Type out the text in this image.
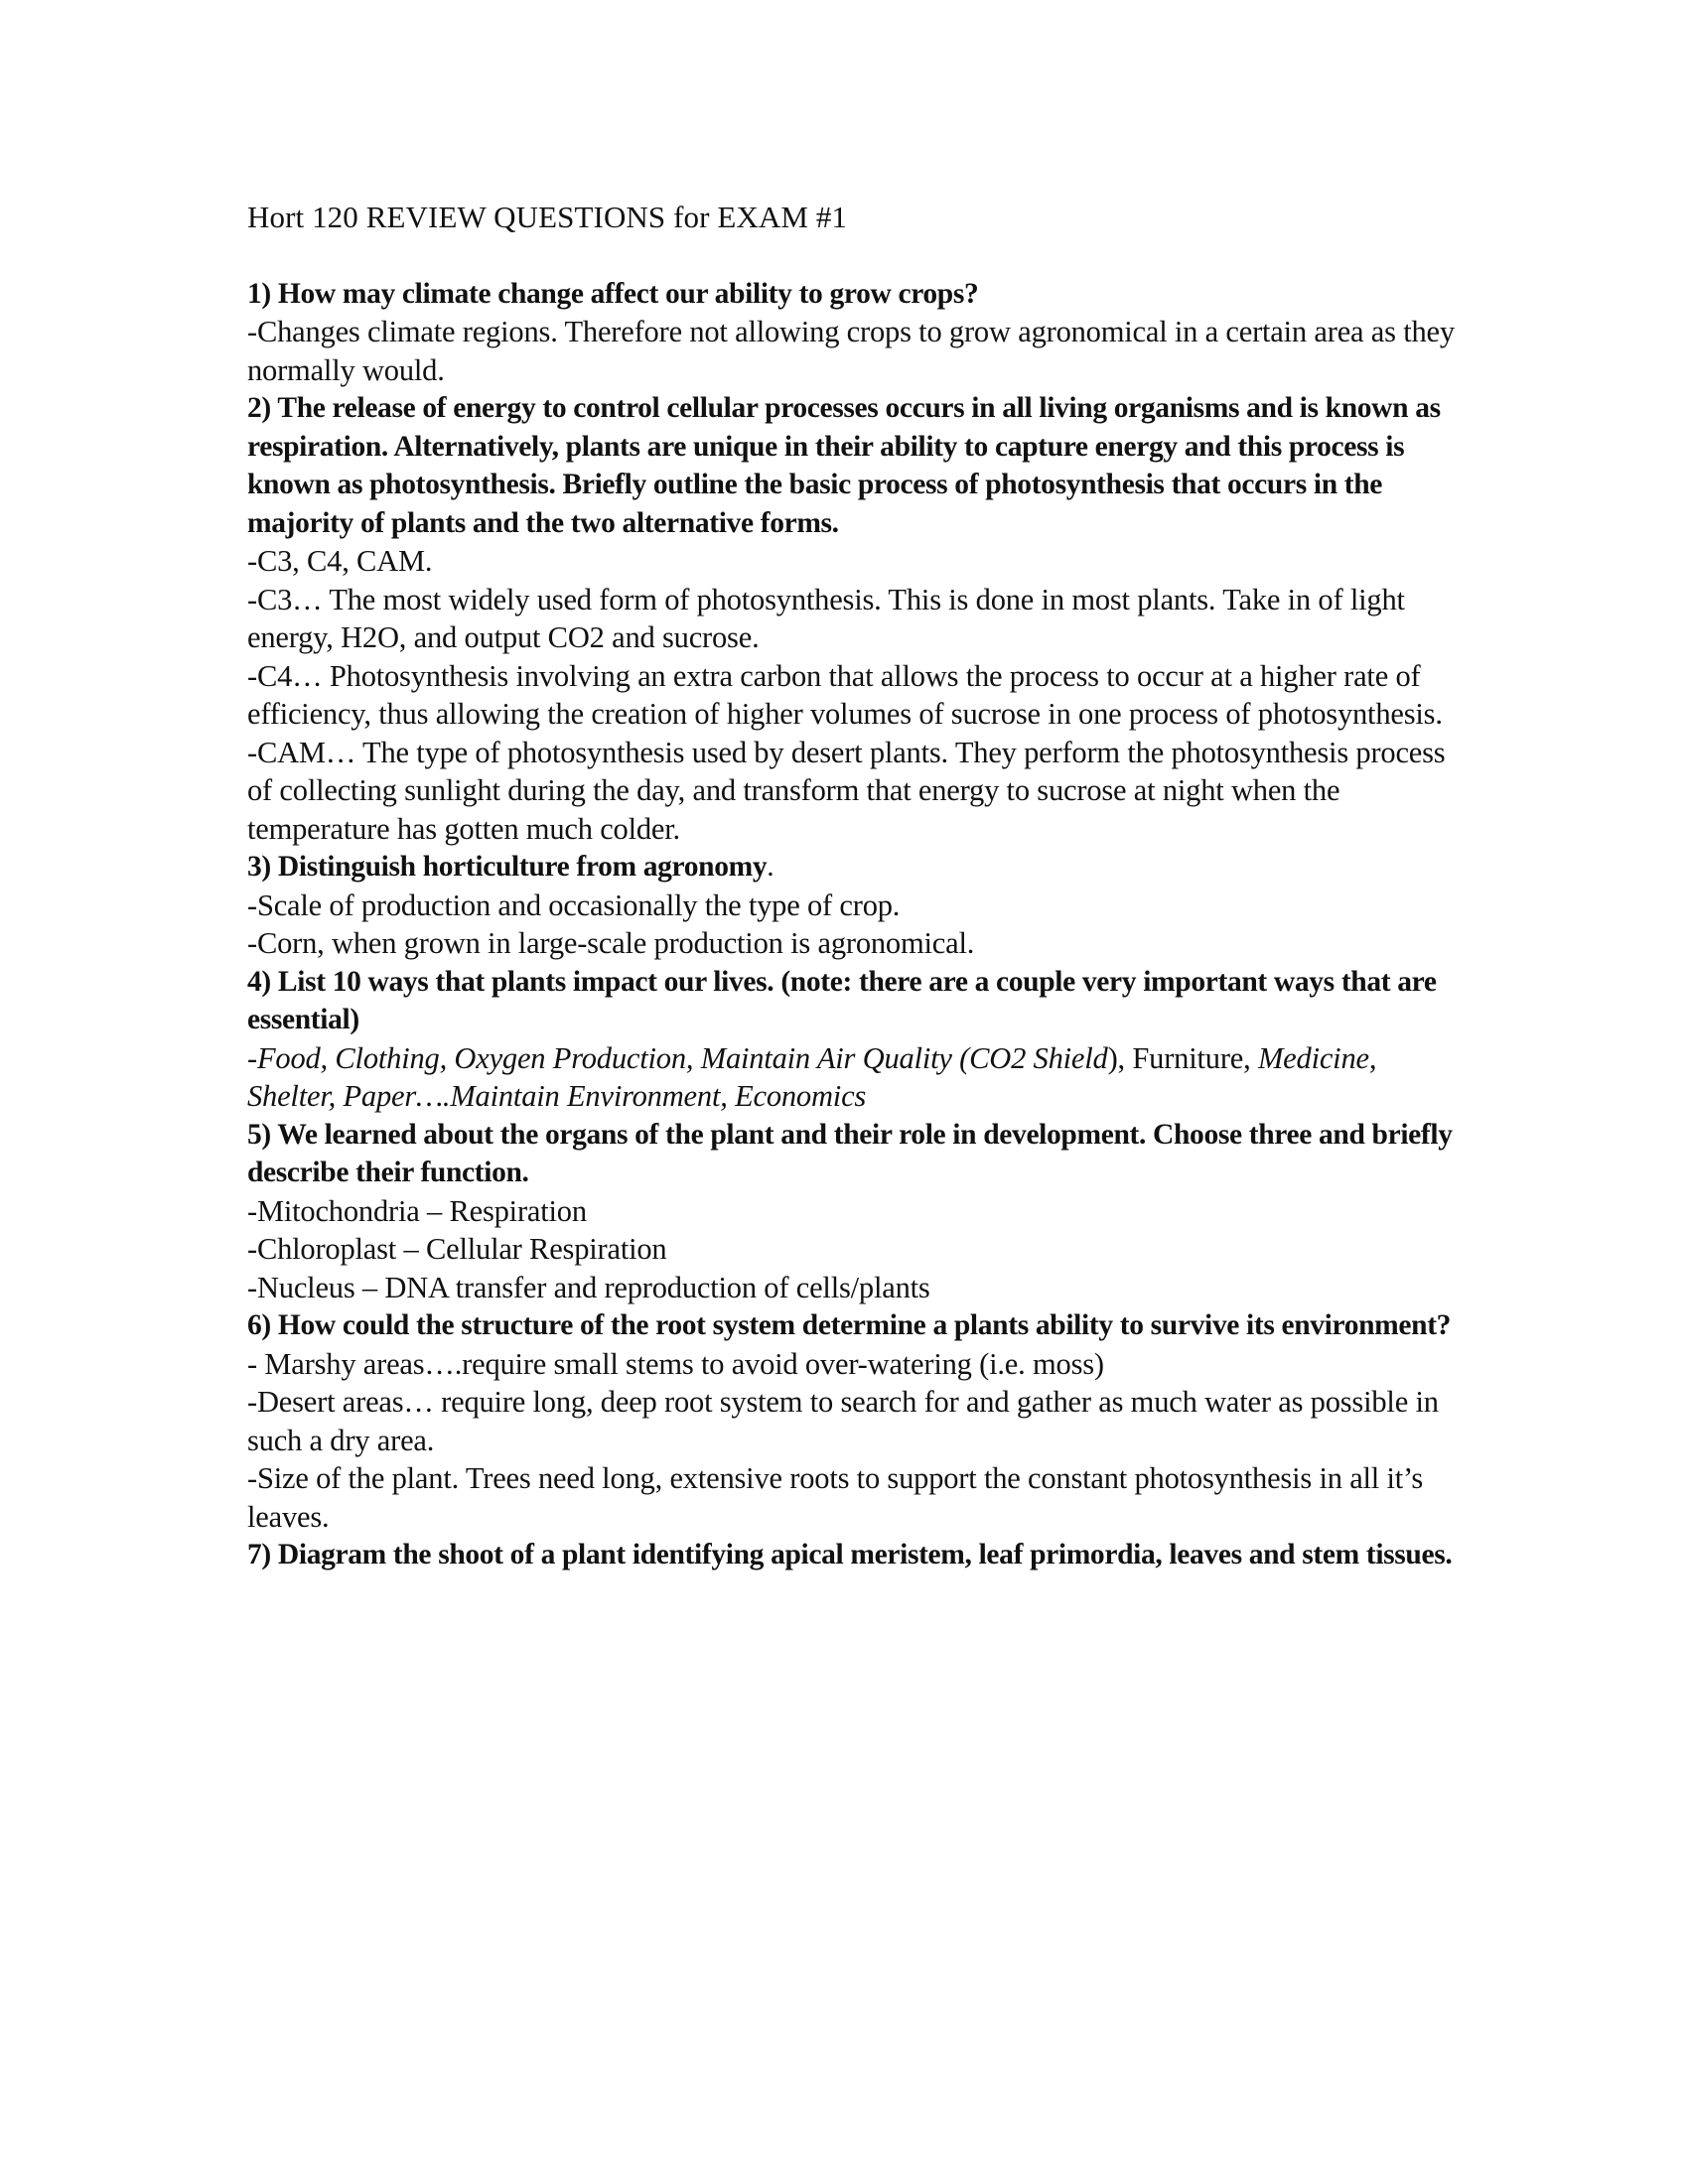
Hort 120 REVIEW QUESTIONS for EXAM #1

1) How may climate change affect our ability to grow crops?

-Changes climate regions. Therefore not allowing crops to grow agronomical in a certain area as they normally would.

2) The release of energy to control cellular processes occurs in all living organisms and is known as respiration. Alternatively, plants are unique in their ability to capture energy and this process is known as photosynthesis. Briefly outline the basic process of photosynthesis that occurs in the majority of plants and the two alternative forms.

-C3, C4, CAM.

-C3… The most widely used form of photosynthesis. This is done in most plants. Take in of light energy, H2O, and output CO2 and sucrose.

-C4… Photosynthesis involving an extra carbon that allows the process to occur at a higher rate of efficiency, thus allowing the creation of higher volumes of sucrose in one process of photosynthesis.

-CAM… The type of photosynthesis used by desert plants. They perform the photosynthesis process of collecting sunlight during the day, and transform that energy to sucrose at night when the temperature has gotten much colder.

3) Distinguish horticulture from agronomy.

-Scale of production and occasionally the type of crop.

-Corn, when grown in large-scale production is agronomical.

4) List 10 ways that plants impact our lives. (note: there are a couple very important ways that are essential)

-Food, Clothing, Oxygen Production, Maintain Air Quality (CO2 Shield), Furniture, Medicine, Shelter, Paper….Maintain Environment, Economics

5) We learned about the organs of the plant and their role in development. Choose three and briefly describe their function.

-Mitochondria – Respiration

-Chloroplast – Cellular Respiration

-Nucleus – DNA transfer and reproduction of cells/plants

6) How could the structure of the root system determine a plants ability to survive its environment?

- Marshy areas….require small stems to avoid over-watering (i.e. moss)

-Desert areas… require long, deep root system to search for and gather as much water as possible in such a dry area.

-Size of the plant. Trees need long, extensive roots to support the constant photosynthesis in all it’s leaves.

7) Diagram the shoot of a plant identifying apical meristem, leaf primordia, leaves and stem tissues.
